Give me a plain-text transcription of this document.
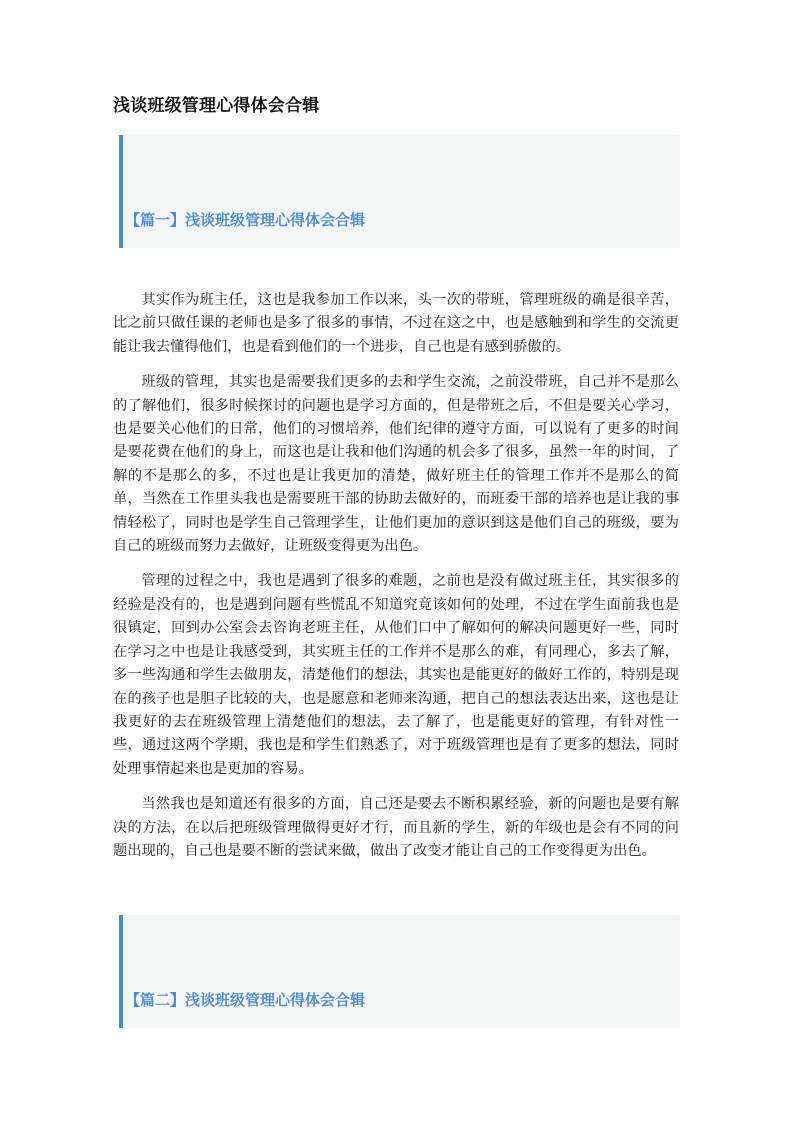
浅谈班级管理心得体会合辑
【篇一】浅谈班级管理心得体会合辑

其实作为班主任，这也是我参加工作以来，头一次的带班，管理班级的确是很辛苦，比之前只做任课的老师也是多了很多的事情，不过在这之中，也是感触到和学生的交流更能让我去懂得他们，也是看到他们的一个进步，自己也是有感到骄傲的。

班级的管理，其实也是需要我们更多的去和学生交流，之前没带班，自己并不是那么的了解他们，很多时候探讨的问题也是学习方面的，但是带班之后，不但是要关心学习，也是要关心他们的日常，他们的习惯培养，他们纪律的遵守方面，可以说有了更多的时间是要花费在他们的身上，而这也是让我和他们沟通的机会多了很多，虽然一年的时间，了解的不是那么的多，不过也是让我更加的清楚，做好班主任的管理工作并不是那么的简单，当然在工作里头我也是需要班干部的协助去做好的，而班委干部的培养也是让我的事情轻松了，同时也是学生自己管理学生，让他们更加的意识到这是他们自己的班级，要为自己的班级而努力去做好，让班级变得更为出色。

管理的过程之中，我也是遇到了很多的难题，之前也是没有做过班主任，其实很多的经验是没有的，也是遇到问题有些慌乱不知道究竟该如何的处理，不过在学生面前我也是很镇定，回到办公室会去咨询老班主任，从他们口中了解如何的解决问题更好一些，同时在学习之中也是让我感受到，其实班主任的工作并不是那么的难，有同理心，多去了解，多一些沟通和学生去做朋友，清楚他们的想法，其实也是能更好的做好工作的，特别是现在的孩子也是胆子比较的大，也是愿意和老师来沟通，把自己的想法表达出来，这也是让我更好的去在班级管理上清楚他们的想法，去了解了，也是能更好的管理，有针对性一些，通过这两个学期，我也是和学生们熟悉了，对于班级管理也是有了更多的想法，同时处理事情起来也是更加的容易。

当然我也是知道还有很多的方面，自己还是要去不断积累经验，新的问题也是要有解决的方法，在以后把班级管理做得更好才行，而且新的学生，新的年级也是会有不同的问题出现的，自己也是要不断的尝试来做，做出了改变才能让自己的工作变得更为出色。

【篇二】浅谈班级管理心得体会合辑
